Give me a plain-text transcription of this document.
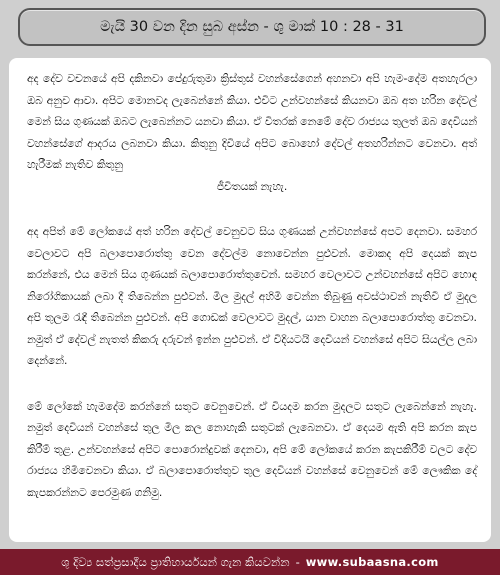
මැයි 30 වන දින සුබ අස්න - ශු මාක් 10 : 28 - 31

අද දේව වචනයේ අපි දකිනවා පේදුරුතුමා ක්‍රිස්තුස් වහන්සේගෙන් අහනවා අපි හැම-දේම අතහැරලා ඔබ අනුව ආවා. අපිට මොනවද ලැබෙන්නේ කියා. එවිට උන්වහන්සේ කියනවා ඔබ අත හරින දේවල් මෙන් සිය ගුණයක් ඔබට ලැබෙන්නට යනවා කියා. ඒ විතරක් නෙමේ දේව රාජ්‍යය තුලත් ඔබ දෙවියන් වහන්සේගේ ආදරය ලබනවා කියා. කිතුනු දිවියේ අපිට බොහෝ දේවල් අතහරින්නට වෙනවා. අත් හැරීමක් නැතිව කිතුනු
ජීවිතයක් නැහැ.

අද අපිත් මේ ලෝකයේ අත් හරින දේවල් වෙනුවට සිය ගුණයක් උන්වහන්සේ අපට දෙනවා. සමහර වෙලාවට අපි බලාපොරොත්තු වෙන දේවල්ම නොවෙන්න පුළුවන්. මොකද අපි දෙයක් කැප කරන්නේ, එය මෙන් සිය ගුණයක් බලාපොරොත්තුවෙන්. සමහර වෙලාවට උන්වහන්සේ අපිට හොඳ නිරෝගිකායක් ලබා දී තිබෙන්න පුළුවන්. මිල මුදල් අහිමි වෙන්න තිබුණු අවස්ථාවන් නැතිවී ඒ මුදල අපි තුලම රැඳී තිබෙන්න පුළුවන්. අපි ගොඩක් වෙලාවට මුදල්, යාන වාහන බලාපොරොත්තු වෙනවා. නමුත් ඒ දේවල් නැතත් කිකරු දරුවන් ඉන්න පුළුවන්. ඒ විදියටයි දෙවියන් වහන්සේ අපිට සියල්ල ලබා දෙන්නේ.

මේ ලෝකේ හැමදේම කරන්නේ සතුට වෙනුවෙන්. ඒ වියදම කරන මුදලට සතුට ලැබෙන්නේ නැහැ. නමුත් දෙවියන් වහන්සේ තුල මිල කල නොහැකි සතුටක් ලැබෙනවා. ඒ දෙයම ඇති අපි කරන කැප කිරීම් තුළ. උන්වහන්සේ අපිට පොරොන්දුවක් දෙනවා, අපි මේ ලෝකයේ කරන කැපකිරීම් වලට දේව රාජ්‍යය හිමිවෙනවා කියා. ඒ බලාපොරොත්තුව තුල දෙවියන් වහන්සේ වෙනුවෙන් මේ ලෞකික දේ කැපකරන්නට පෙරමුණ ගනිමු.

ශු දිව්‍ය සත්ප්‍රසාදීය ප්‍රාතිහාර්යයන් ගැන කියවන්න - www.subaasna.com
